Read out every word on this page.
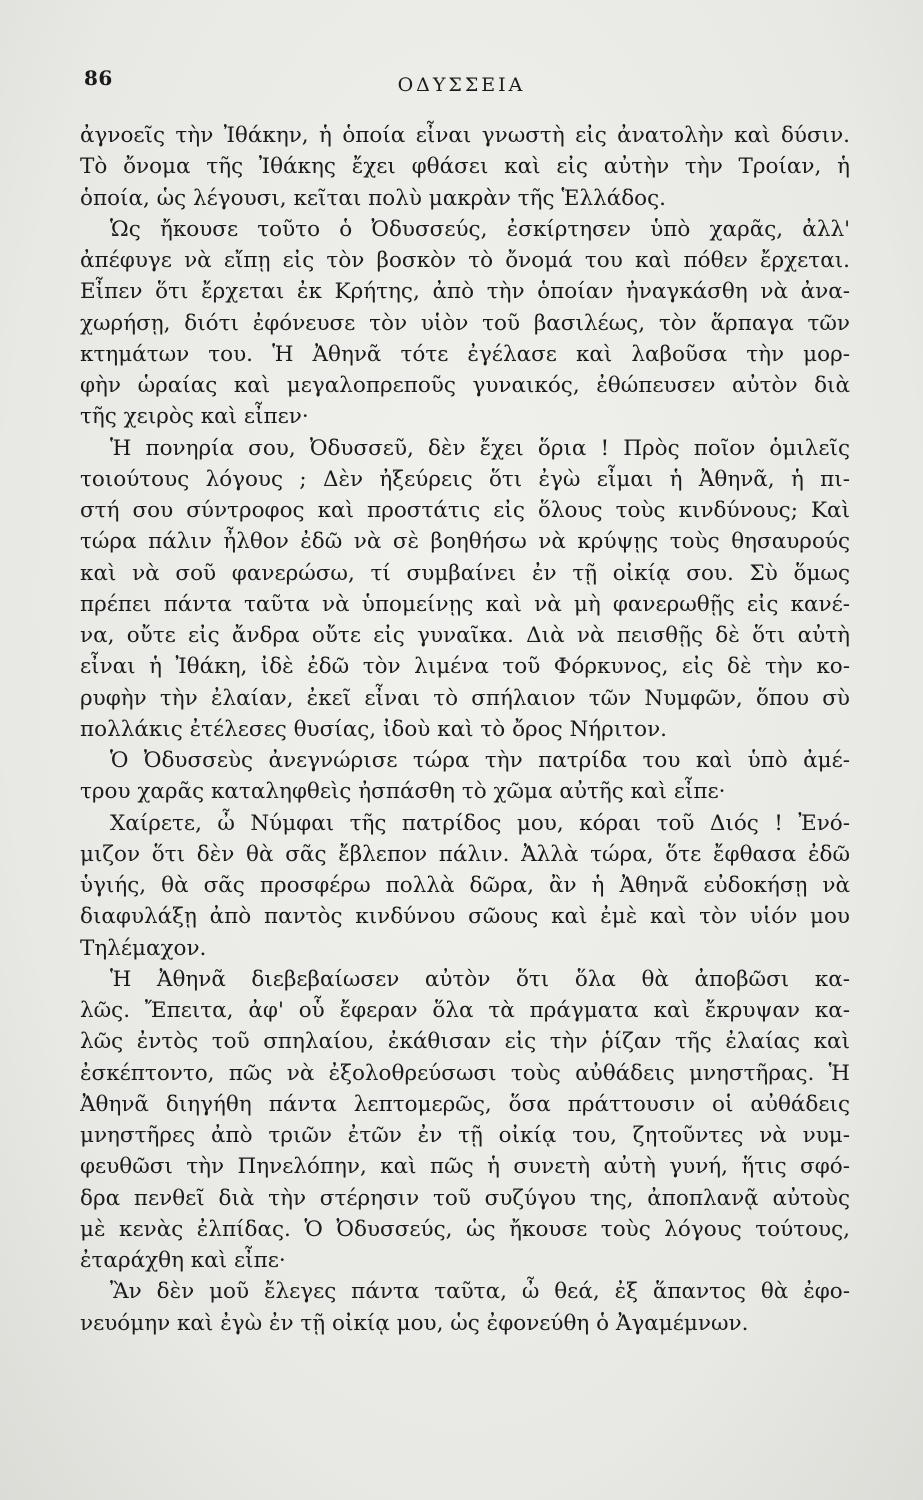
86	ΟΔΥΣΣΕΙΑ
ἀγνοεῖς τὴν Ἰθάκην, ἡ ὁποία εἶναι γνωστὴ εἰς ἀνατολὴν καὶ δύσιν.
Τὸ ὄνομα τῆς Ἰθάκης ἔχει φθάσει καὶ εἰς αὐτὴν τὴν Τροίαν, ἡ
ὁποία, ὡς λέγουσι, κεῖται πολὺ μακρὰν τῆς Ἑλλάδος.
Ὡς ἤκουσε τοῦτο ὁ Ὀδυσσεύς, ἐσκίρτησεν ὑπὸ χαρᾶς, ἀλλ'
ἀπέφυγε νὰ εἴπῃ εἰς τὸν βοσκὸν τὸ ὄνομά του καὶ πόθεν ἔρχεται.
Εἶπεν ὅτι ἔρχεται ἐκ Κρήτης, ἀπὸ τὴν ὁποίαν ἠναγκάσθη νὰ ἀνα-
χωρήσῃ, διότι ἐφόνευσε τὸν υἱὸν τοῦ βασιλέως, τὸν ἅρπαγα τῶν
κτημάτων του. Ἡ Ἀθηνᾶ τότε ἐγέλασε καὶ λαβοῦσα τὴν μορ-
φὴν ὡραίας καὶ μεγαλοπρεποῦς γυναικός, ἐθώπευσεν αὐτὸν διὰ
τῆς χειρὸς καὶ εἶπεν·
Ἡ πονηρία σου, Ὀδυσσεῦ, δὲν ἔχει ὅρια ! Πρὸς ποῖον ὁμιλεῖς
τοιούτους λόγους ; Δὲν ἠξεύρεις ὅτι ἐγὼ εἶμαι ἡ Ἀθηνᾶ, ἡ πι-
στή σου σύντροφος καὶ προστάτις εἰς ὅλους τοὺς κινδύνους; Καὶ
τώρα πάλιν ἦλθον ἐδῶ νὰ σὲ βοηθήσω νὰ κρύψῃς τοὺς θησαυρούς
καὶ νὰ σοῦ φανερώσω, τί συμβαίνει ἐν τῇ οἰκίᾳ σου. Σὺ ὅμως
πρέπει πάντα ταῦτα νὰ ὑπομείνῃς καὶ νὰ μὴ φανερωθῇς εἰς κανέ-
να, οὔτε εἰς ἄνδρα οὔτε εἰς γυναῖκα. Διὰ νὰ πεισθῇς δὲ ὅτι αὐτὴ
εἶναι ἡ Ἰθάκη, ἰδὲ ἐδῶ τὸν λιμένα τοῦ Φόρκυνος, εἰς δὲ τὴν κο-
ρυφὴν τὴν ἐλαίαν, ἐκεῖ εἶναι τὸ σπήλαιον τῶν Νυμφῶν, ὅπου σὺ
πολλάκις ἐτέλεσες θυσίας, ἰδοὺ καὶ τὸ ὄρος Νήριτον.
Ὁ Ὀδυσσεὺς ἀνεγνώρισε τώρα τὴν πατρίδα του καὶ ὑπὸ ἀμέ-
τρου χαρᾶς καταληφθεὶς ἠσπάσθη τὸ χῶμα αὐτῆς καὶ εἶπε·
Χαίρετε, ὦ Νύμφαι τῆς πατρίδος μου, κόραι τοῦ Διός ! Ἐνό-
μιζον ὅτι δὲν θὰ σᾶς ἔβλεπον πάλιν. Ἀλλὰ τώρα, ὅτε ἔφθασα ἐδῶ
ὑγιής, θὰ σᾶς προσφέρω πολλὰ δῶρα, ἂν ἡ Ἀθηνᾶ εὐδοκήσῃ νὰ
διαφυλάξῃ ἀπὸ παντὸς κινδύνου σῶους καὶ ἐμὲ καὶ τὸν υἱόν μου
Τηλέμαχον.
Ἡ Ἀθηνᾶ διεβεβαίωσεν αὐτὸν ὅτι ὅλα θὰ ἀποβῶσι κα-
λῶς. Ἔπειτα, ἀφ' οὗ ἔφεραν ὅλα τὰ πράγματα καὶ ἔκρυψαν κα-
λῶς ἐντὸς τοῦ σπηλαίου, ἐκάθισαν εἰς τὴν ῥίζαν τῆς ἐλαίας καὶ
ἐσκέπτοντο, πῶς νὰ ἐξολοθρεύσωσι τοὺς αὐθάδεις μνηστῆρας. Ἡ
Ἀθηνᾶ διηγήθη πάντα λεπτομερῶς, ὅσα πράττουσιν οἱ αὐθάδεις
μνηστῆρες ἀπὸ τριῶν ἐτῶν ἐν τῇ οἰκίᾳ του, ζητοῦντες νὰ νυμ-
φευθῶσι τὴν Πηνελόπην, καὶ πῶς ἡ συνετὴ αὐτὴ γυνή, ἥτις σφό-
δρα πενθεῖ διὰ τὴν στέρησιν τοῦ συζύγου της, ἀποπλανᾷ αὐτοὺς
μὲ κενὰς ἐλπίδας. Ὁ Ὀδυσσεύς, ὡς ἤκουσε τοὺς λόγους τούτους,
ἐταράχθη καὶ εἶπε·
Ἂν δὲν μοῦ ἔλεγες πάντα ταῦτα, ὦ θεά, ἐξ ἅπαντος θὰ ἐφο-
νευόμην καὶ ἐγὼ ἐν τῇ οἰκίᾳ μου, ὡς ἐφονεύθη ὁ Ἀγαμέμνων.
